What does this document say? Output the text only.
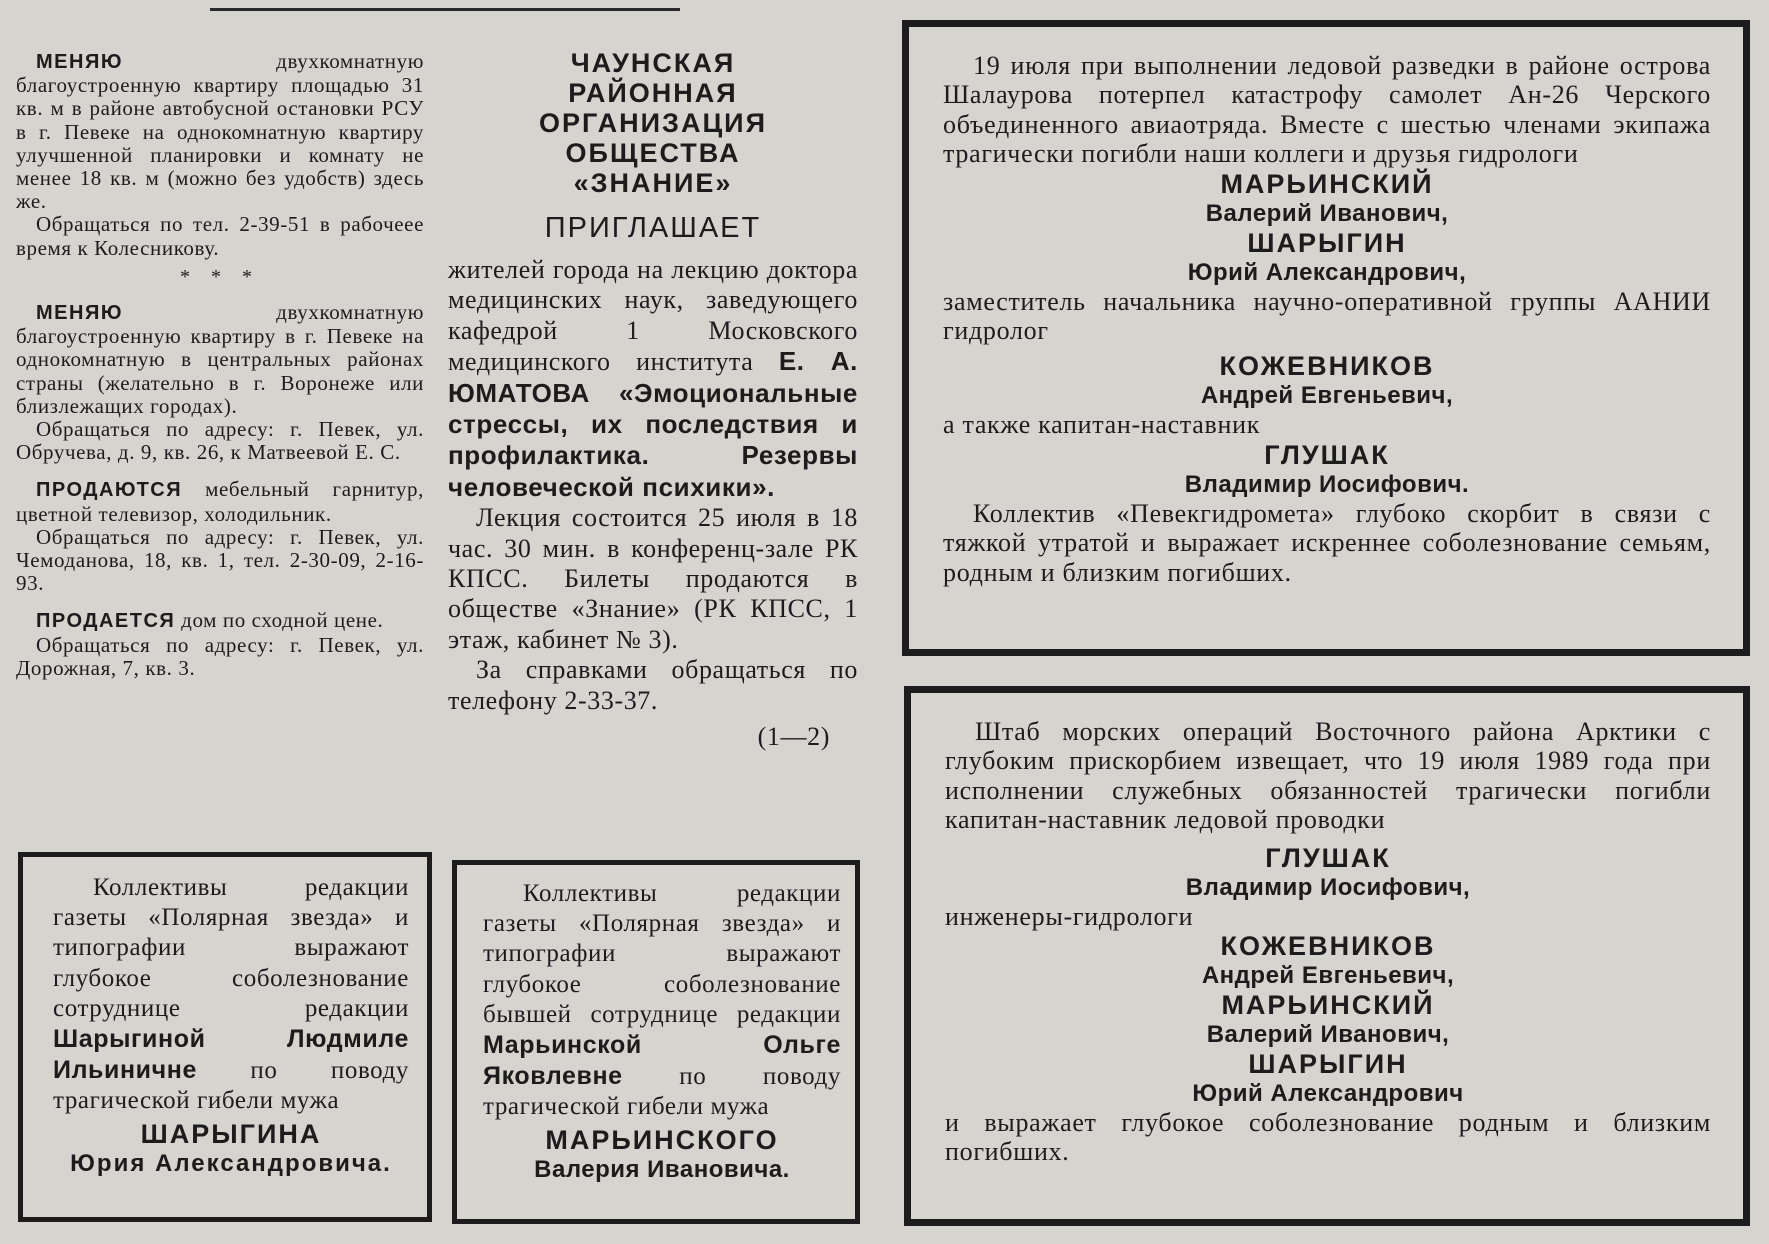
МЕНЯЮ	двухкомнатную благоустроенную квартиру площадью 31 кв. м в районе автобусной остановки РСУ в г. Певеке на однокомнатную квартиру улучшенной планировки и комнату не менее 18 кв. м (можно без удобств) здесь же.

Обращаться по тел. 2-39-51 в рабочеее время к Колесникову.

* * *

МЕНЯЮ	двухкомнатную благоустроенную квартиру в г. Певеке на однокомнатную в центральных районах страны (желательно в г. Воронеже или близлежащих городах).

Обращаться по адресу: г. Певек, ул. Обручева, д. 9, кв. 26, к Матвеевой Е. С.

ПРОДАЮТСЯ мебельный гарнитур, цветной телевизор, холодильник.

Обращаться по адресу: г. Певек, ул. Чемоданова, 18, кв. 1, тел. 2-30-09, 2-16-93.

ПРОДАЕТСЯ дом по сходной цене.

Обращаться по адресу: г. Певек, ул. Дорожная, 7, кв. 3.

ЧАУНСКАЯ
РАЙОННАЯ
ОРГАНИЗАЦИЯ
ОБЩЕСТВА
«ЗНАНИЕ»
ПРИГЛАШАЕТ

жителей города на лекцию доктора медицинских наук, заведующего кафедрой 1 Московского медицинского института Е. А. ЮМАТОВА «Эмоциональные стрессы, их последствия и профилактика. Резервы человеческой психики».

Лекция состоится 25 июля в 18 час. 30 мин. в конференц-зале РК КПСС. Билеты продаются в обществе «Знание» (РК КПСС, 1 этаж, кабинет № 3).

За справками обращаться по телефону 2-33-37.

(1—2)

Коллективы редакции газеты «Полярная звезда» и типографии выражают глубокое соболезнование сотруднице редакции Шарыгиной Людмиле Ильиничне по поводу трагической гибели мужа

ШАРЫГИНА
Юрия Александровича.

Коллективы редакции газеты «Полярная звезда» и типографии выражают глубокое соболезнование бывшей сотруднице редакции Марьинской Ольге Яковлевне по поводу трагической гибели мужа

МАРЬИНСКОГО
Валерия Ивановича.

19 июля при выполнении ледовой разведки в районе острова Шалаурова потерпел катастрофу самолет Ан-26 Черского объединенного авиаотряда. Вместе с шестью членами экипажа трагически погибли наши коллеги и друзья гидрологи

МАРЬИНСКИЙ
Валерий Иванович,
ШАРЫГИН
Юрий Александрович,

заместитель начальника научно-оперативной группы ААНИИ гидролог

КОЖЕВНИКОВ
Андрей Евгеньевич,

а также капитан-наставник

ГЛУШАК
Владимир Иосифович.

Коллектив «Певекгидромета» глубоко скорбит в связи с тяжкой утратой и выражает искреннее соболезнование семьям, родным и близким погибших.

Штаб морских операций Восточного района Арктики с глубоким прискорбием извещает, что 19 июля 1989 года при исполнении служебных обязанностей трагически погибли капитан-наставник ледовой проводки

ГЛУШАК
Владимир Иосифович,

инженеры-гидрологи

КОЖЕВНИКОВ
Андрей Евгеньевич,
МАРЬИНСКИЙ
Валерий Иванович,
ШАРЫГИН
Юрий Александрович

и выражает глубокое соболезнование родным и близким погибших.
